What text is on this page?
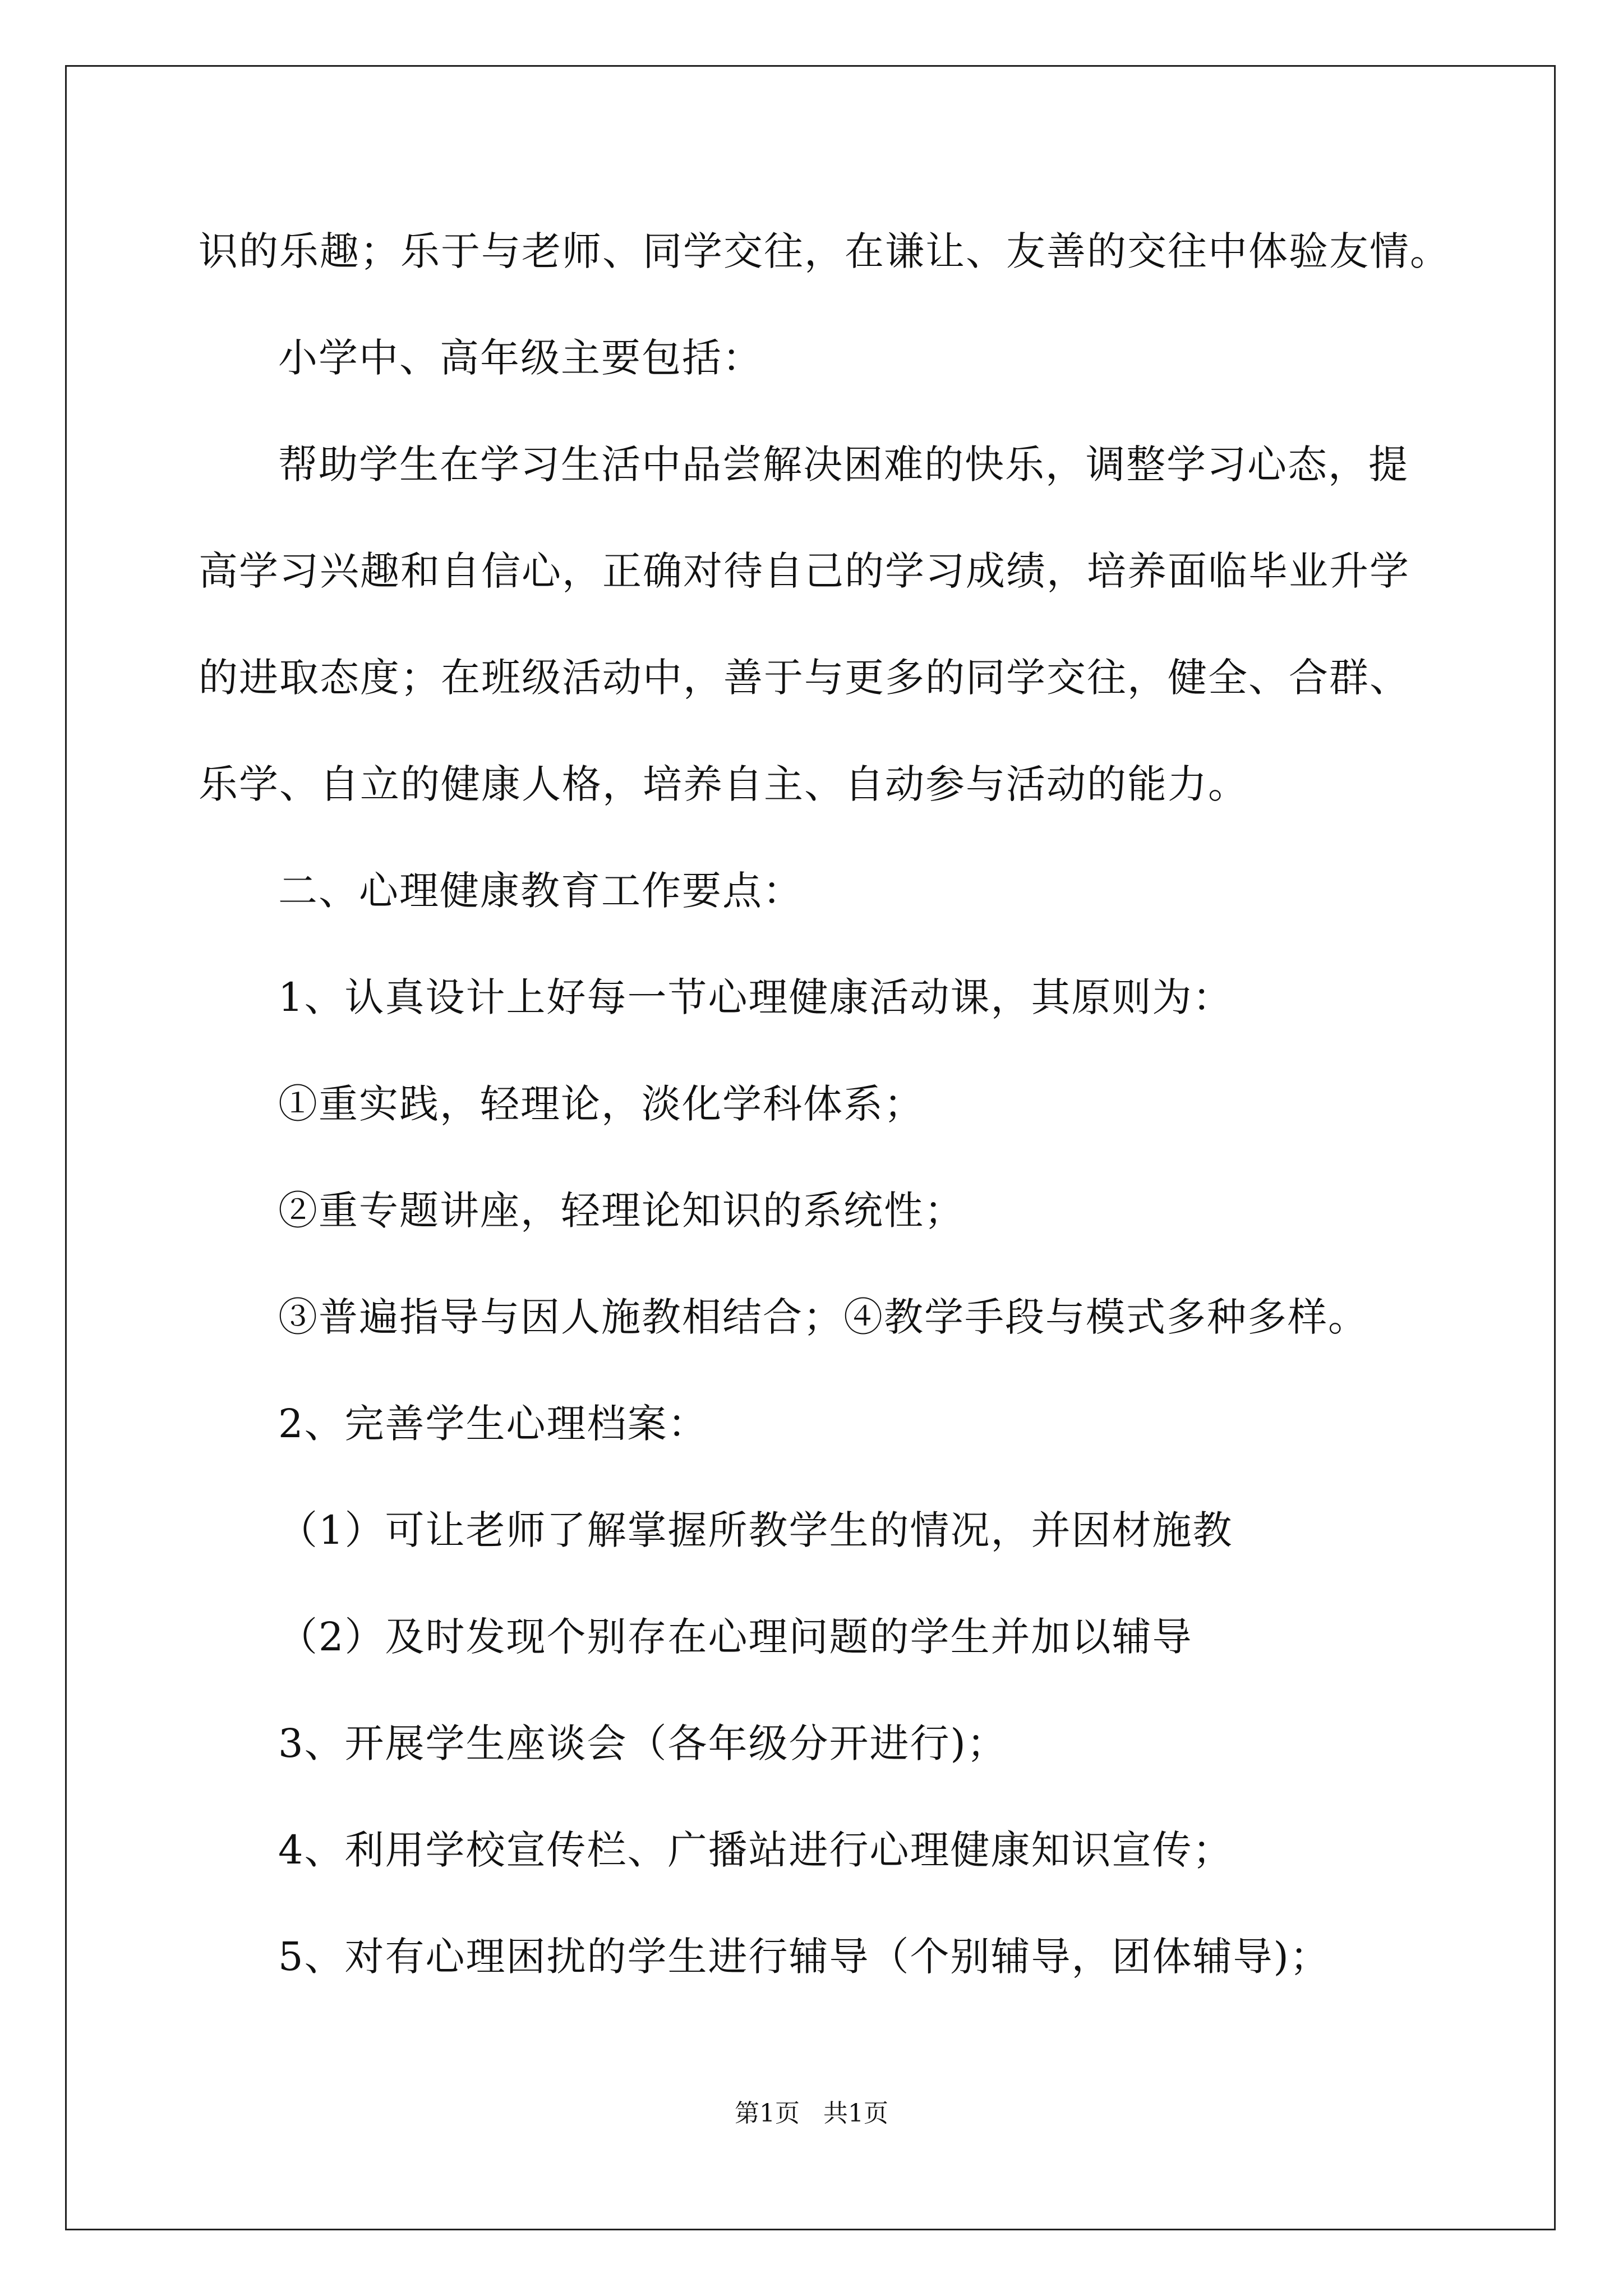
识的乐趣；乐于与老师、同学交往，在谦让、友善的交往中体验友情。
小学中、高年级主要包括：
帮助学生在学习生活中品尝解决困难的快乐，调整学习心态，提
高学习兴趣和自信心，正确对待自己的学习成绩，培养面临毕业升学
的进取态度；在班级活动中，善于与更多的同学交往，健全、合群、
乐学、自立的健康人格，培养自主、自动参与活动的能力。
二、心理健康教育工作要点：
1、认真设计上好每一节心理健康活动课，其原则为：
①重实践，轻理论，淡化学科体系；
②重专题讲座，轻理论知识的系统性；
③普遍指导与因人施教相结合；④教学手段与模式多种多样。
2、完善学生心理档案：
（1）可让老师了解掌握所教学生的情况，并因材施教
（2）及时发现个别存在心理问题的学生并加以辅导
3、开展学生座谈会（各年级分开进行)；
4、利用学校宣传栏、广播站进行心理健康知识宣传；
5、对有心理困扰的学生进行辅导（个别辅导，团体辅导)；
第1页   共1页
